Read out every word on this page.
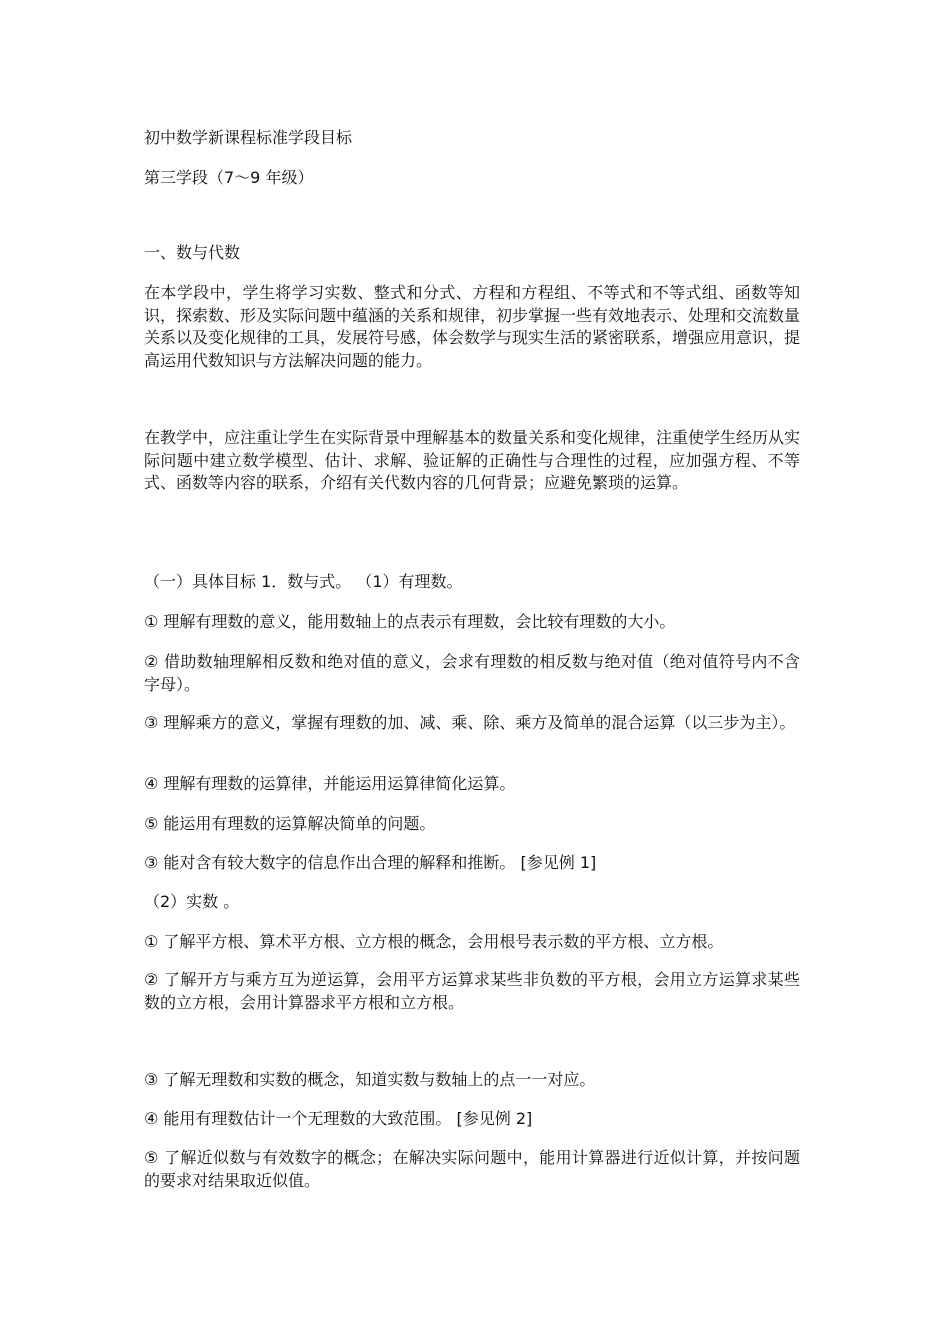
初中数学新课程标准学段目标
第三学段（7～9 年级）
一、数与代数
在本学段中，学生将学习实数、整式和分式、方程和方程组、不等式和不等式组、函数等知识，探索数、形及实际问题中蕴涵的关系和规律，初步掌握一些有效地表示、处理和交流数量关系以及变化规律的工具，发展符号感，体会数学与现实生活的紧密联系，增强应用意识，提高运用代数知识与方法解决问题的能力。
在教学中，应注重让学生在实际背景中理解基本的数量关系和变化规律，注重使学生经历从实际问题中建立数学模型、估计、求解、验证解的正确性与合理性的过程，应加强方程、不等式、函数等内容的联系，介绍有关代数内容的几何背景；应避免繁琐的运算。
（一）具体目标 1．数与式。 （1）有理数。
① 理解有理数的意义，能用数轴上的点表示有理数，会比较有理数的大小。
② 借助数轴理解相反数和绝对值的意义，会求有理数的相反数与绝对值（绝对值符号内不含字母）。
③ 理解乘方的意义，掌握有理数的加、减、乘、除、乘方及简单的混合运算（以三步为主）。
④ 理解有理数的运算律，并能运用运算律简化运算。
⑤ 能运用有理数的运算解决简单的问题。
③ 能对含有较大数字的信息作出合理的解释和推断。 [参见例 1]
（2）实数 。
① 了解平方根、算术平方根、立方根的概念，会用根号表示数的平方根、立方根。
② 了解开方与乘方互为逆运算，会用平方运算求某些非负数的平方根，会用立方运算求某些数的立方根，会用计算器求平方根和立方根。
③ 了解无理数和实数的概念，知道实数与数轴上的点一一对应。
④ 能用有理数估计一个无理数的大致范围。 [参见例 2]
⑤ 了解近似数与有效数字的概念；在解决实际问题中，能用计算器进行近似计算，并按问题的要求对结果取近似值。
